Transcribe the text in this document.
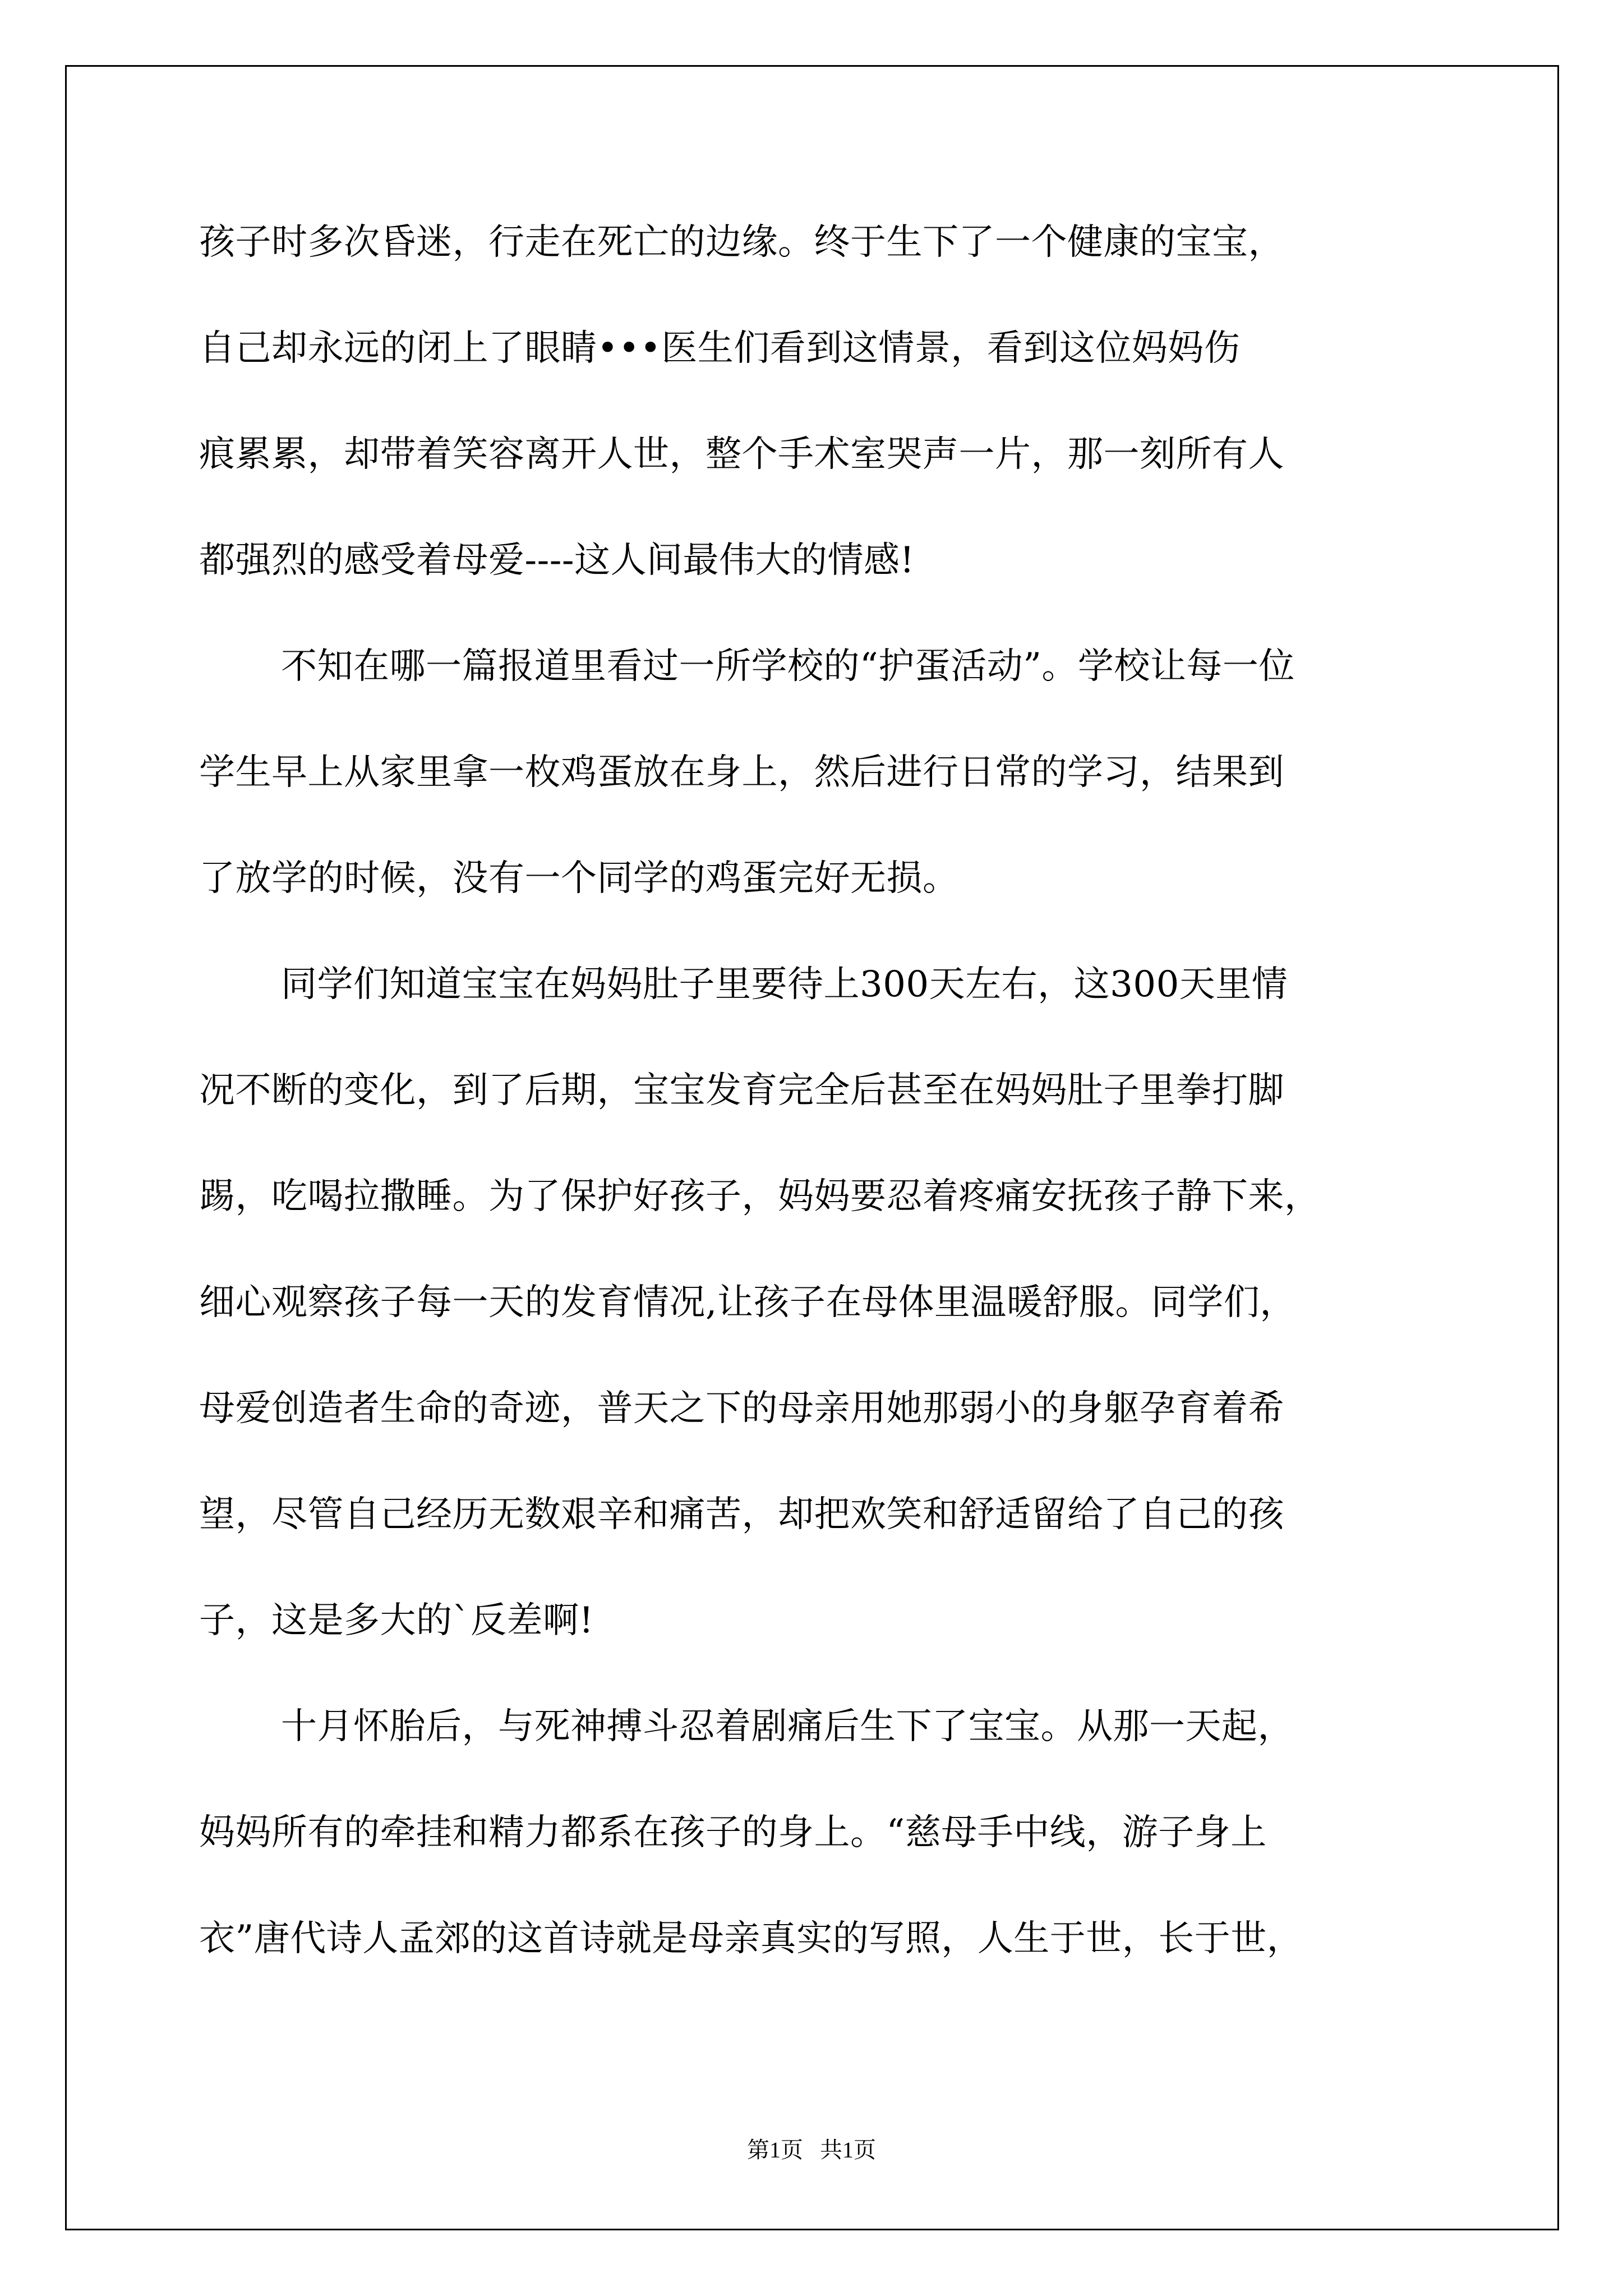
孩子时多次昏迷，行走在死亡的边缘。终于生下了一个健康的宝宝，
自己却永远的闭上了眼睛•••医生们看到这情景，看到这位妈妈伤
痕累累，却带着笑容离开人世，整个手术室哭声一片，那一刻所有人
都强烈的感受着母爱----这人间最伟大的情感!
不知在哪一篇报道里看过一所学校的“护蛋活动”。学校让每一位
学生早上从家里拿一枚鸡蛋放在身上，然后进行日常的学习，结果到
了放学的时候，没有一个同学的鸡蛋完好无损。
同学们知道宝宝在妈妈肚子里要待上300天左右，这300天里情
况不断的变化，到了后期，宝宝发育完全后甚至在妈妈肚子里拳打脚
踢，吃喝拉撒睡。为了保护好孩子，妈妈要忍着疼痛安抚孩子静下来，
细心观察孩子每一天的发育情况,让孩子在母体里温暖舒服。同学们，
母爱创造者生命的奇迹，普天之下的母亲用她那弱小的身躯孕育着希
望，尽管自己经历无数艰辛和痛苦，却把欢笑和舒适留给了自己的孩
子，这是多大的`反差啊!
十月怀胎后，与死神搏斗忍着剧痛后生下了宝宝。从那一天起，
妈妈所有的牵挂和精力都系在孩子的身上。“慈母手中线，游子身上
衣”唐代诗人孟郊的这首诗就是母亲真实的写照，人生于世，长于世，
第1页   共1页
